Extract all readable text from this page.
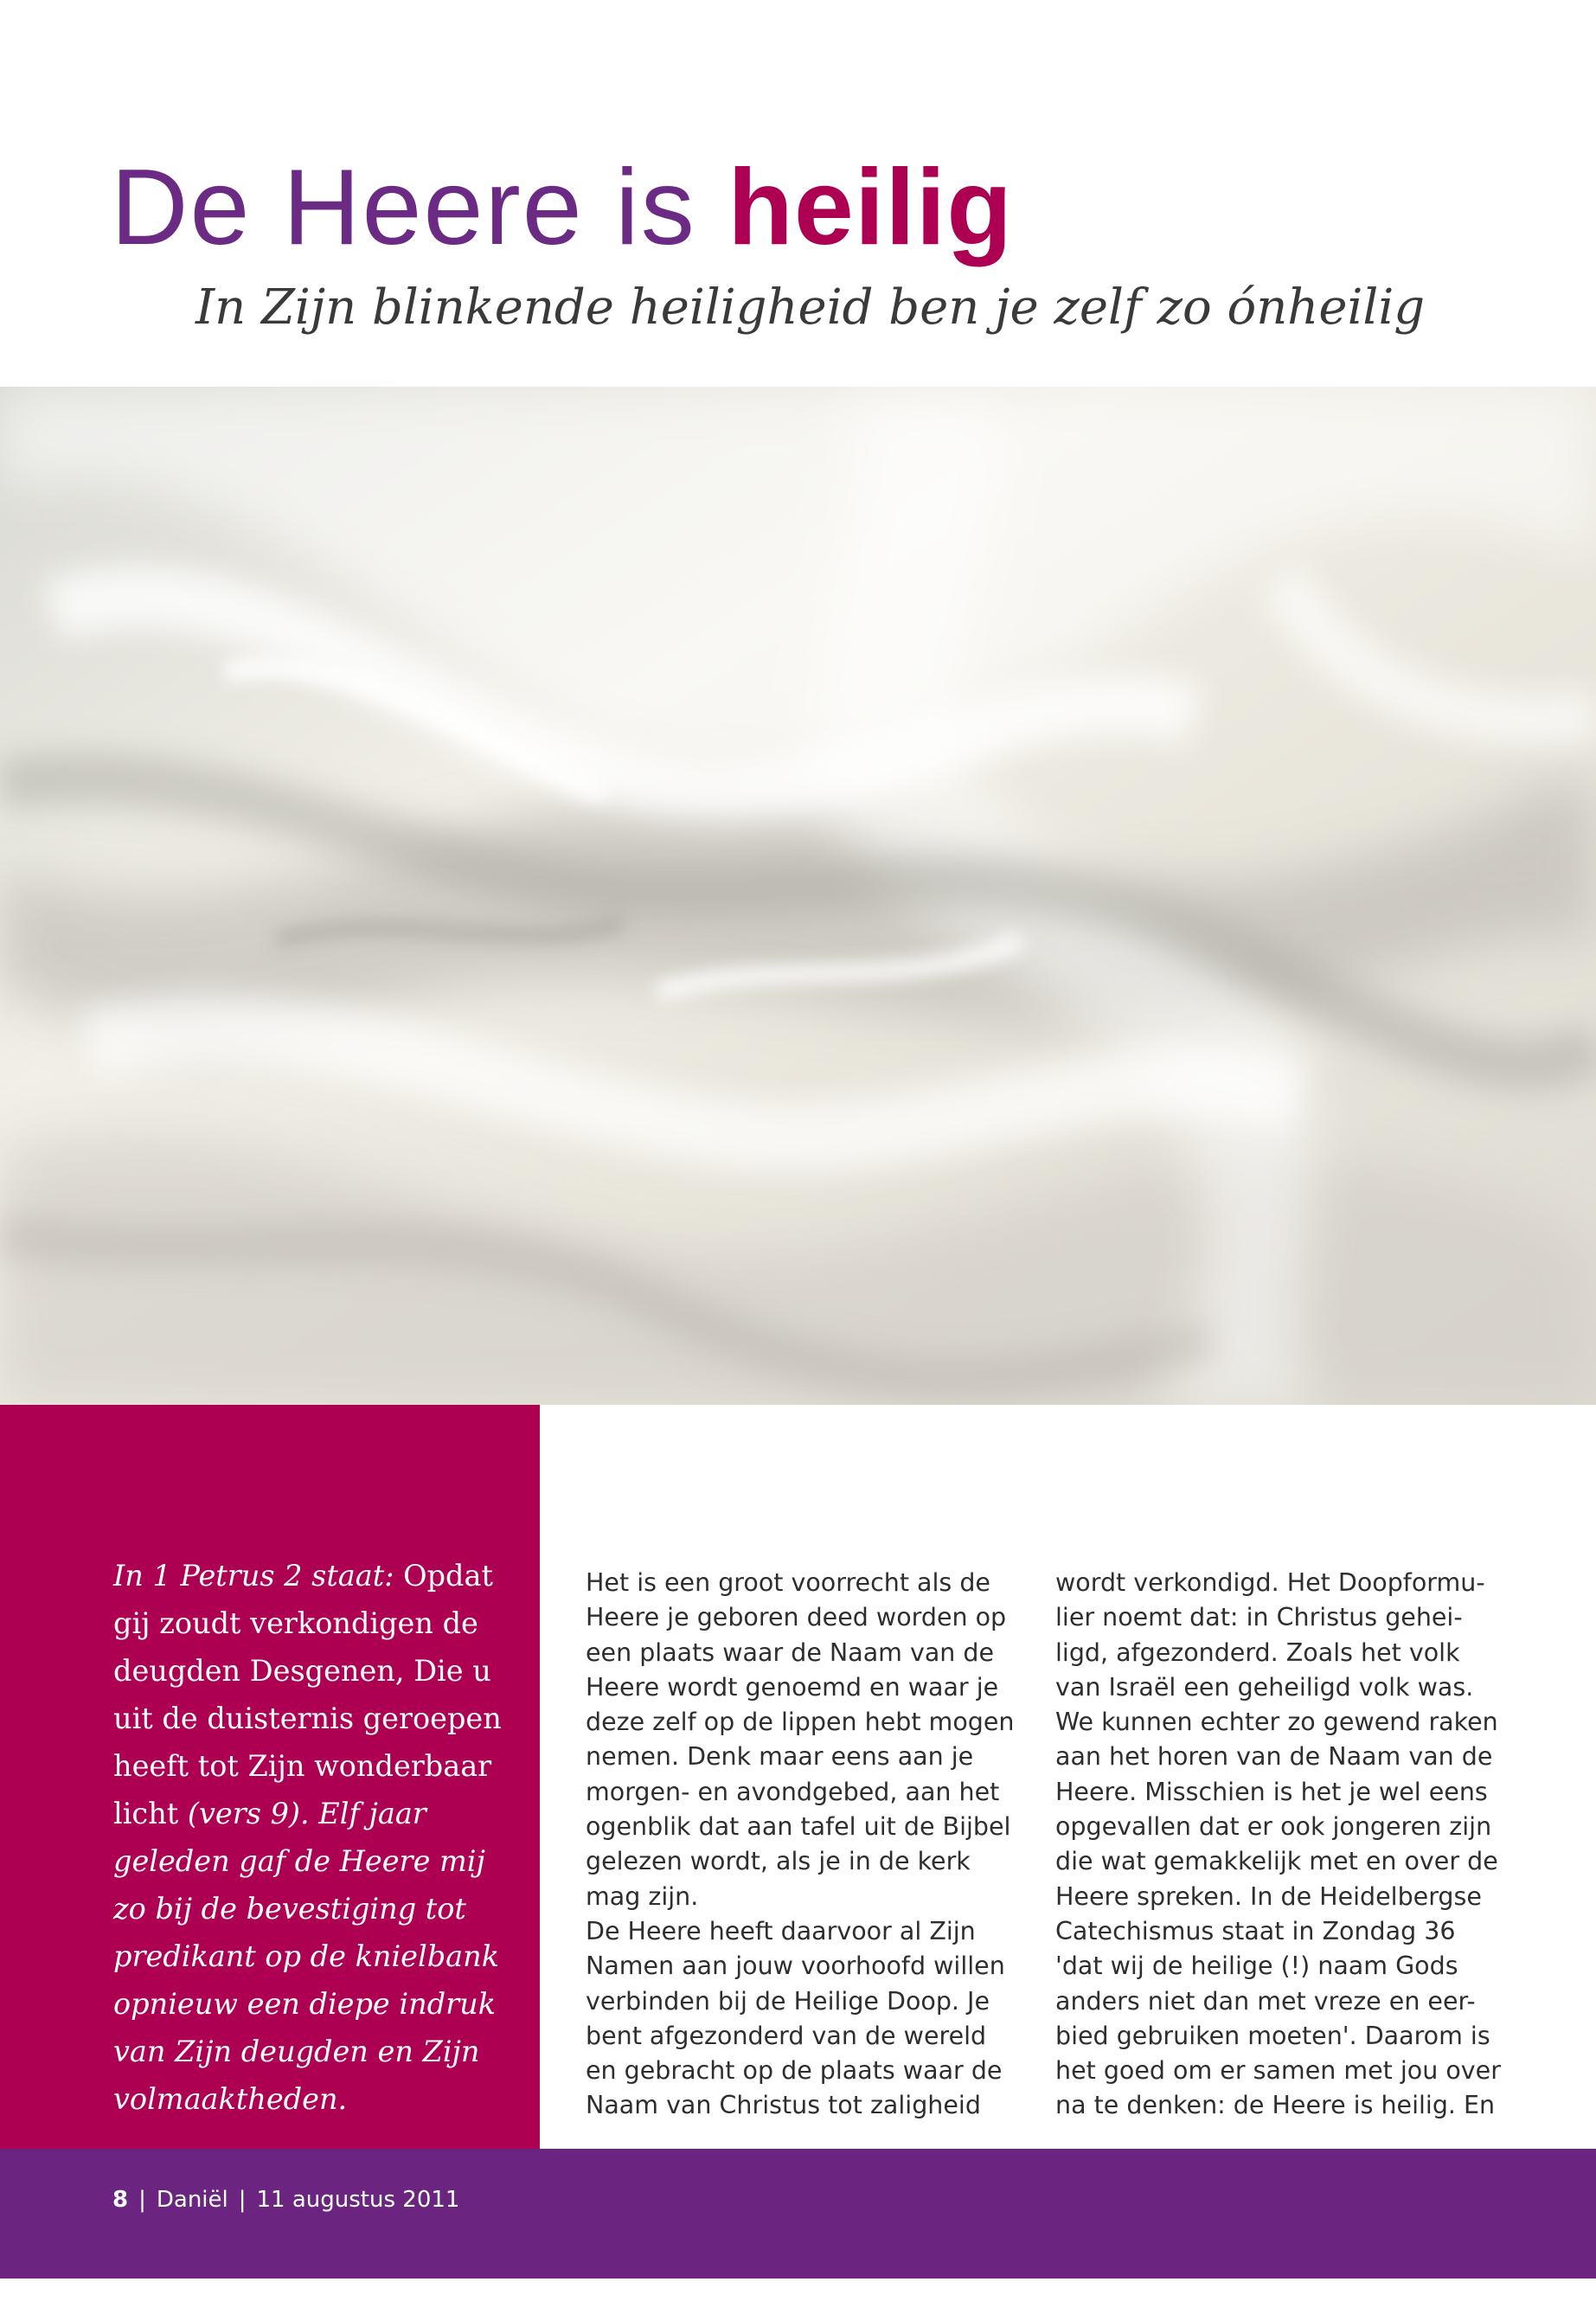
De Heere is heilig
In Zijn blinkende heiligheid ben je zelf zo ónheilig

In 1 Petrus 2 staat: Opdat gij zoudt verkondigen de deugden Desgenen, Die u uit de duisternis geroepen heeft tot Zijn wonderbaar licht (vers 9). Elf jaar geleden gaf de Heere mij zo bij de bevestiging tot predikant op de knielbank opnieuw een diepe indruk van Zijn deugden en Zijn volmaaktheden.

Het is een groot voorrecht als de
Heere je geboren deed worden op
een plaats waar de Naam van de
Heere wordt genoemd en waar je
deze zelf op de lippen hebt mogen
nemen. Denk maar eens aan je
morgen- en avondgebed, aan het
ogenblik dat aan tafel uit de Bijbel
gelezen wordt, als je in de kerk
mag zijn.
De Heere heeft daarvoor al Zijn
Namen aan jouw voorhoofd willen
verbinden bij de Heilige Doop. Je
bent afgezonderd van de wereld
en gebracht op de plaats waar de
Naam van Christus tot zaligheid

wordt verkondigd. Het Doopformu-
lier noemt dat: in Christus gehei-
ligd, afgezonderd. Zoals het volk
van Israël een geheiligd volk was.
We kunnen echter zo gewend raken
aan het horen van de Naam van de
Heere. Misschien is het je wel eens
opgevallen dat er ook jongeren zijn
die wat gemakkelijk met en over de
Heere spreken. In de Heidelbergse
Catechismus staat in Zondag 36
'dat wij de heilige (!) naam Gods
anders niet dan met vreze en eer-
bied gebruiken moeten'. Daarom is
het goed om er samen met jou over
na te denken: de Heere is heilig. En

8 | Daniël | 11 augustus 2011
